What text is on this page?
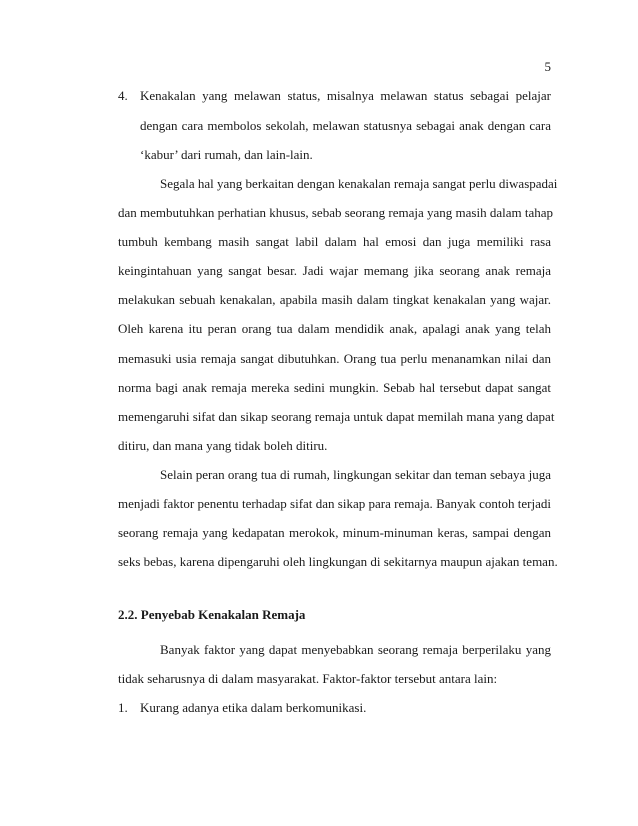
5
4. Kenakalan yang melawan status, misalnya melawan status sebagai pelajar
dengan cara membolos sekolah, melawan statusnya sebagai anak dengan cara
‘kabur’ dari rumah, dan lain-lain.
Segala hal yang berkaitan dengan kenakalan remaja sangat perlu diwaspadai
dan membutuhkan perhatian khusus, sebab seorang remaja yang masih dalam tahap
tumbuh kembang masih sangat labil dalam hal emosi dan juga memiliki rasa
keingintahuan yang sangat besar. Jadi wajar memang jika seorang anak remaja
melakukan sebuah kenakalan, apabila masih dalam tingkat kenakalan yang wajar.
Oleh karena itu peran orang tua dalam mendidik anak, apalagi anak yang telah
memasuki usia remaja sangat dibutuhkan. Orang tua perlu menanamkan nilai dan
norma bagi anak remaja mereka sedini mungkin. Sebab hal tersebut dapat sangat
memengaruhi sifat dan sikap seorang remaja untuk dapat memilah mana yang dapat
ditiru, dan mana yang tidak boleh ditiru.
Selain peran orang tua di rumah, lingkungan sekitar dan teman sebaya juga
menjadi faktor penentu terhadap sifat dan sikap para remaja. Banyak contoh terjadi
seorang remaja yang kedapatan merokok, minum-minuman keras, sampai dengan
seks bebas, karena dipengaruhi oleh lingkungan di sekitarnya maupun ajakan teman.
2.2. Penyebab Kenakalan Remaja
Banyak faktor yang dapat menyebabkan seorang remaja berperilaku yang
tidak seharusnya di dalam masyarakat. Faktor-faktor tersebut antara lain:
1. Kurang adanya etika dalam berkomunikasi.
